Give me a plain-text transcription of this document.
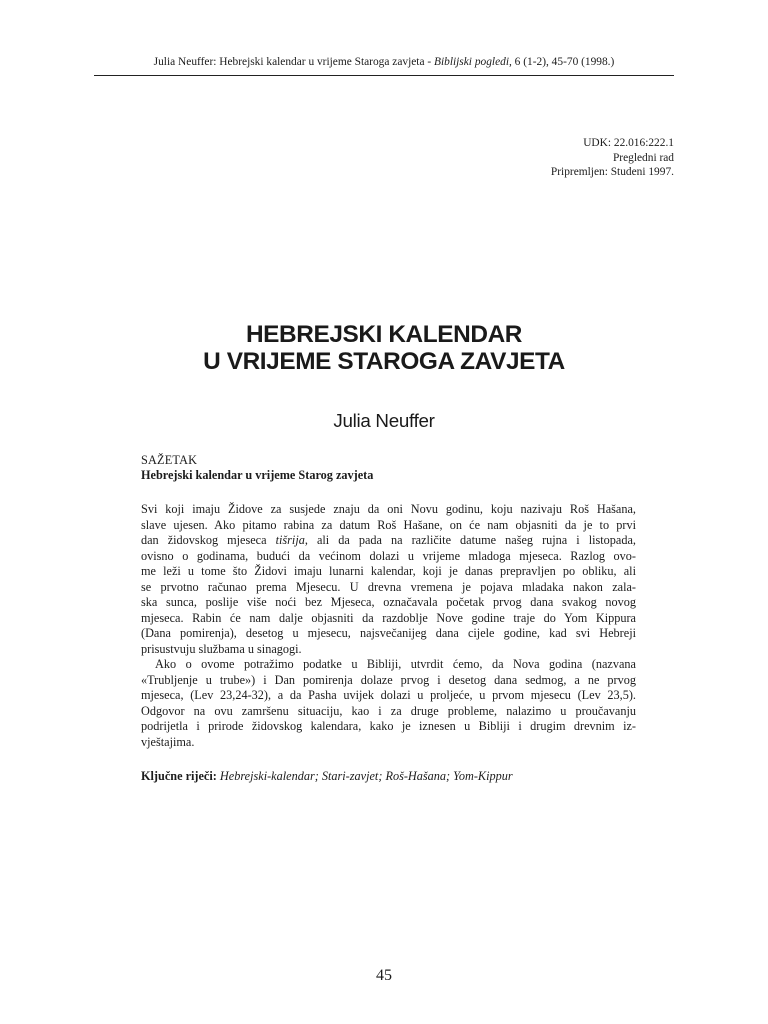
Julia Neuffer: Hebrejski kalendar u vrijeme Staroga zavjeta - Biblijski pogledi, 6 (1-2), 45-70 (1998.)
UDK: 22.016:222.1
Pregledni rad
Pripremljen: Studeni 1997.
HEBREJSKI KALENDAR
U VRIJEME STAROGA ZAVJETA
Julia Neuffer
SAŽETAK
Hebrejski kalendar u vrijeme Starog zavjeta
Svi koji imaju Židove za susjede znaju da oni Novu godinu, koju nazivaju Roš Hašana,
slave ujesen. Ako pitamo rabina za datum Roš Hašane, on će nam objasniti da je to prvi
dan židovskog mjeseca tišrija, ali da pada na različite datume našeg rujna i listopada,
ovisno o godinama, budući da većinom dolazi u vrijeme mladoga mjeseca. Razlog ovo-
me leži u tome što Židovi imaju lunarni kalendar, koji je danas prepravljen po obliku, ali
se prvotno računao prema Mjesecu. U drevna vremena je pojava mladaka nakon zala-
ska sunca, poslije više noći bez Mjeseca, označavala početak prvog dana svakog novog
mjeseca. Rabin će nam dalje objasniti da razdoblje Nove godine traje do Yom Kippura
(Dana pomirenja), desetog u mjesecu, najsvečanijeg dana cijele godine, kad svi Hebreji
prisustvuju službama u sinagogi.
Ako o ovome potražimo podatke u Bibliji, utvrdit ćemo, da Nova godina (nazvana
«Trubljenje u trube») i Dan pomirenja dolaze prvog i desetog dana sedmog, a ne prvog
mjeseca, (Lev 23,24-32), a da Pasha uvijek dolazi u proljeće, u prvom mjesecu (Lev 23,5).
Odgovor na ovu zamršenu situaciju, kao i za druge probleme, nalazimo u proučavanju
podrijetla i prirode židovskog kalendara, kako je iznesen u Bibliji i drugim drevnim iz-
vještajima.
Ključne riječi: Hebrejski-kalendar; Stari-zavjet; Roš-Hašana; Yom-Kippur
45
